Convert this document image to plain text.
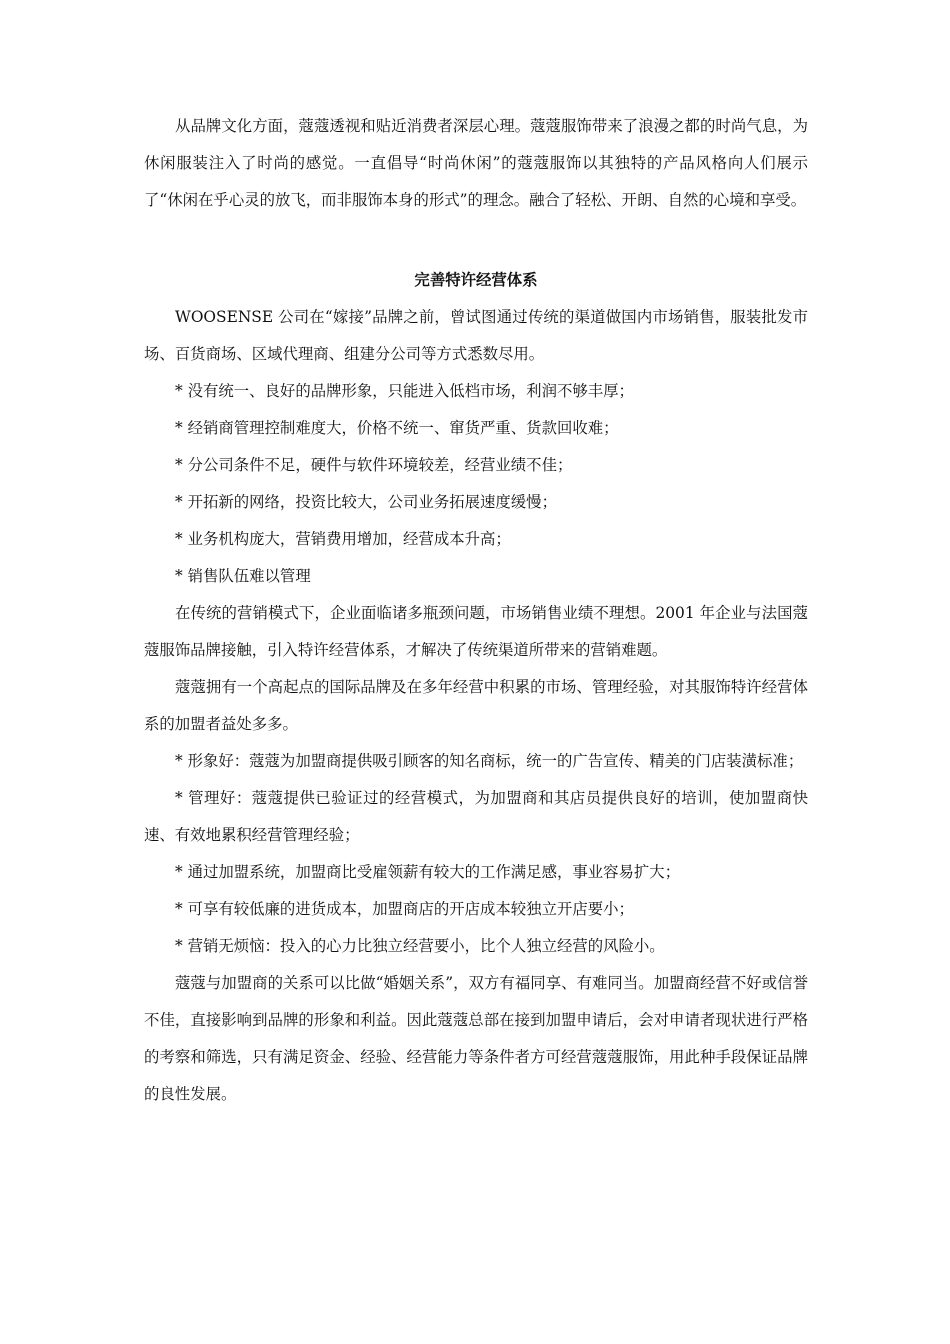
从品牌文化方面，蔻蔻透视和贴近消费者深层心理。蔻蔻服饰带来了浪漫之都的时尚气息，为休闲服装注入了时尚的感觉。一直倡导“时尚休闲”的蔻蔻服饰以其独特的产品风格向人们展示了“休闲在乎心灵的放飞，而非服饰本身的形式”的理念。融合了轻松、开朗、自然的心境和享受。

完善特许经营体系

WOOSENSE 公司在“嫁接”品牌之前，曾试图通过传统的渠道做国内市场销售，服装批发市场、百货商场、区域代理商、组建分公司等方式悉数尽用。

* 没有统一、良好的品牌形象，只能进入低档市场，利润不够丰厚；

* 经销商管理控制难度大，价格不统一、窜货严重、货款回收难；

* 分公司条件不足，硬件与软件环境较差，经营业绩不佳；

* 开拓新的网络，投资比较大，公司业务拓展速度缓慢；

* 业务机构庞大，营销费用增加，经营成本升高；

* 销售队伍难以管理

在传统的营销模式下，企业面临诸多瓶颈问题，市场销售业绩不理想。2001 年企业与法国蔻蔻服饰品牌接触，引入特许经营体系，才解决了传统渠道所带来的营销难题。

蔻蔻拥有一个高起点的国际品牌及在多年经营中积累的市场、管理经验，对其服饰特许经营体系的加盟者益处多多。

* 形象好：蔻蔻为加盟商提供吸引顾客的知名商标，统一的广告宣传、精美的门店装潢标准；

* 管理好：蔻蔻提供已验证过的经营模式，为加盟商和其店员提供良好的培训，使加盟商快速、有效地累积经营管理经验；

* 通过加盟系统，加盟商比受雇领薪有较大的工作满足感，事业容易扩大；

* 可享有较低廉的进货成本，加盟商店的开店成本较独立开店要小；

* 营销无烦恼：投入的心力比独立经营要小，比个人独立经营的风险小。

蔻蔻与加盟商的关系可以比做“婚姻关系”，双方有福同享、有难同当。加盟商经营不好或信誉不佳，直接影响到品牌的形象和利益。因此蔻蔻总部在接到加盟申请后，会对申请者现状进行严格的考察和筛选，只有满足资金、经验、经营能力等条件者方可经营蔻蔻服饰，用此种手段保证品牌的良性发展。
